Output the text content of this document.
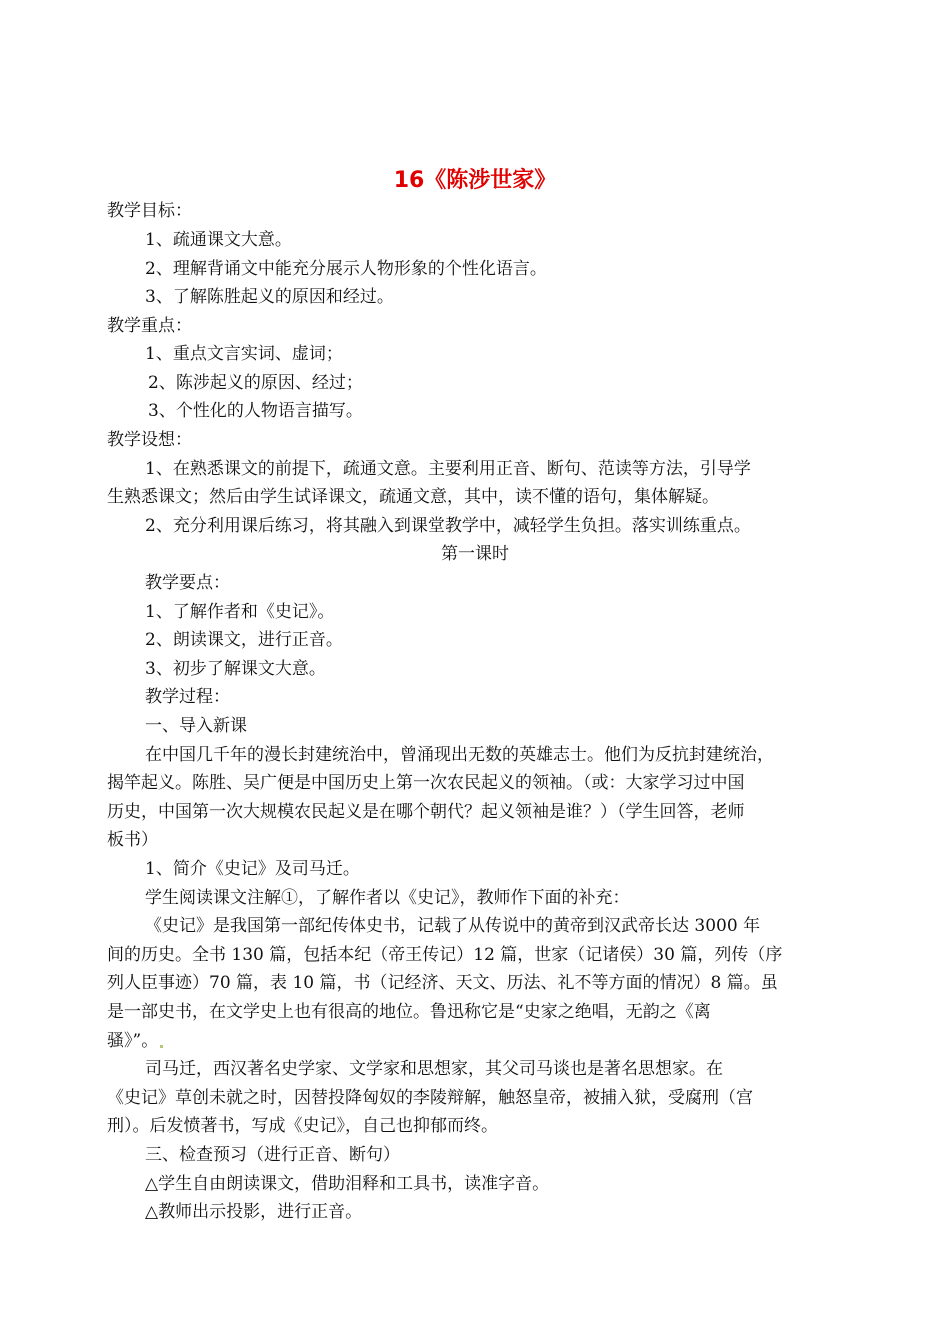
16《陈涉世家》
教学目标：
1、疏通课文大意。
2、理解背诵文中能充分展示人物形象的个性化语言。
3、了解陈胜起义的原因和经过。
教学重点：
1、重点文言实词、虚词；
2、陈涉起义的原因、经过；
3、个性化的人物语言描写。
教学设想：
1、在熟悉课文的前提下，疏通文意。主要利用正音、断句、范读等方法，引导学
生熟悉课文；然后由学生试译课文，疏通文意，其中，读不懂的语句，集体解疑。
2、充分利用课后练习，将其融入到课堂教学中，减轻学生负担。落实训练重点。
第一课时
教学要点：
1、了解作者和《史记》。
2、朗读课文，进行正音。
3、初步了解课文大意。
教学过程：
一、导入新课
在中国几千年的漫长封建统治中，曾涌现出无数的英雄志士。他们为反抗封建统治，
揭竿起义。陈胜、吴广便是中国历史上第一次农民起义的领袖。（或：大家学习过中国
历史，中国第一次大规模农民起义是在哪个朝代？起义领袖是谁？）（学生回答，老师
板书）
1、简介《史记》及司马迁。
学生阅读课文注解①，了解作者以《史记》，教师作下面的补充：
《史记》是我国第一部纪传体史书，记载了从传说中的黄帝到汉武帝长达 3000 年
间的历史。全书 130 篇，包括本纪（帝王传记）12 篇，世家（记诸侯）30 篇，列传（序
列人臣事迹）70 篇，表 10 篇，书（记经济、天文、历法、礼不等方面的情况）8 篇。虽
是一部史书，在文学史上也有很高的地位。鲁迅称它是“史家之绝唱，无韵之《离
骚》”。
司马迁，西汉著名史学家、文学家和思想家，其父司马谈也是著名思想家。在
《史记》草创未就之时，因替投降匈奴的李陵辩解，触怒皇帝，被捕入狱，受腐刑（宫
刑）。后发愤著书，写成《史记》，自己也抑郁而终。
三、检查预习（进行正音、断句）
△学生自由朗读课文，借助泪释和工具书，读准字音。
△教师出示投影，进行正音。
